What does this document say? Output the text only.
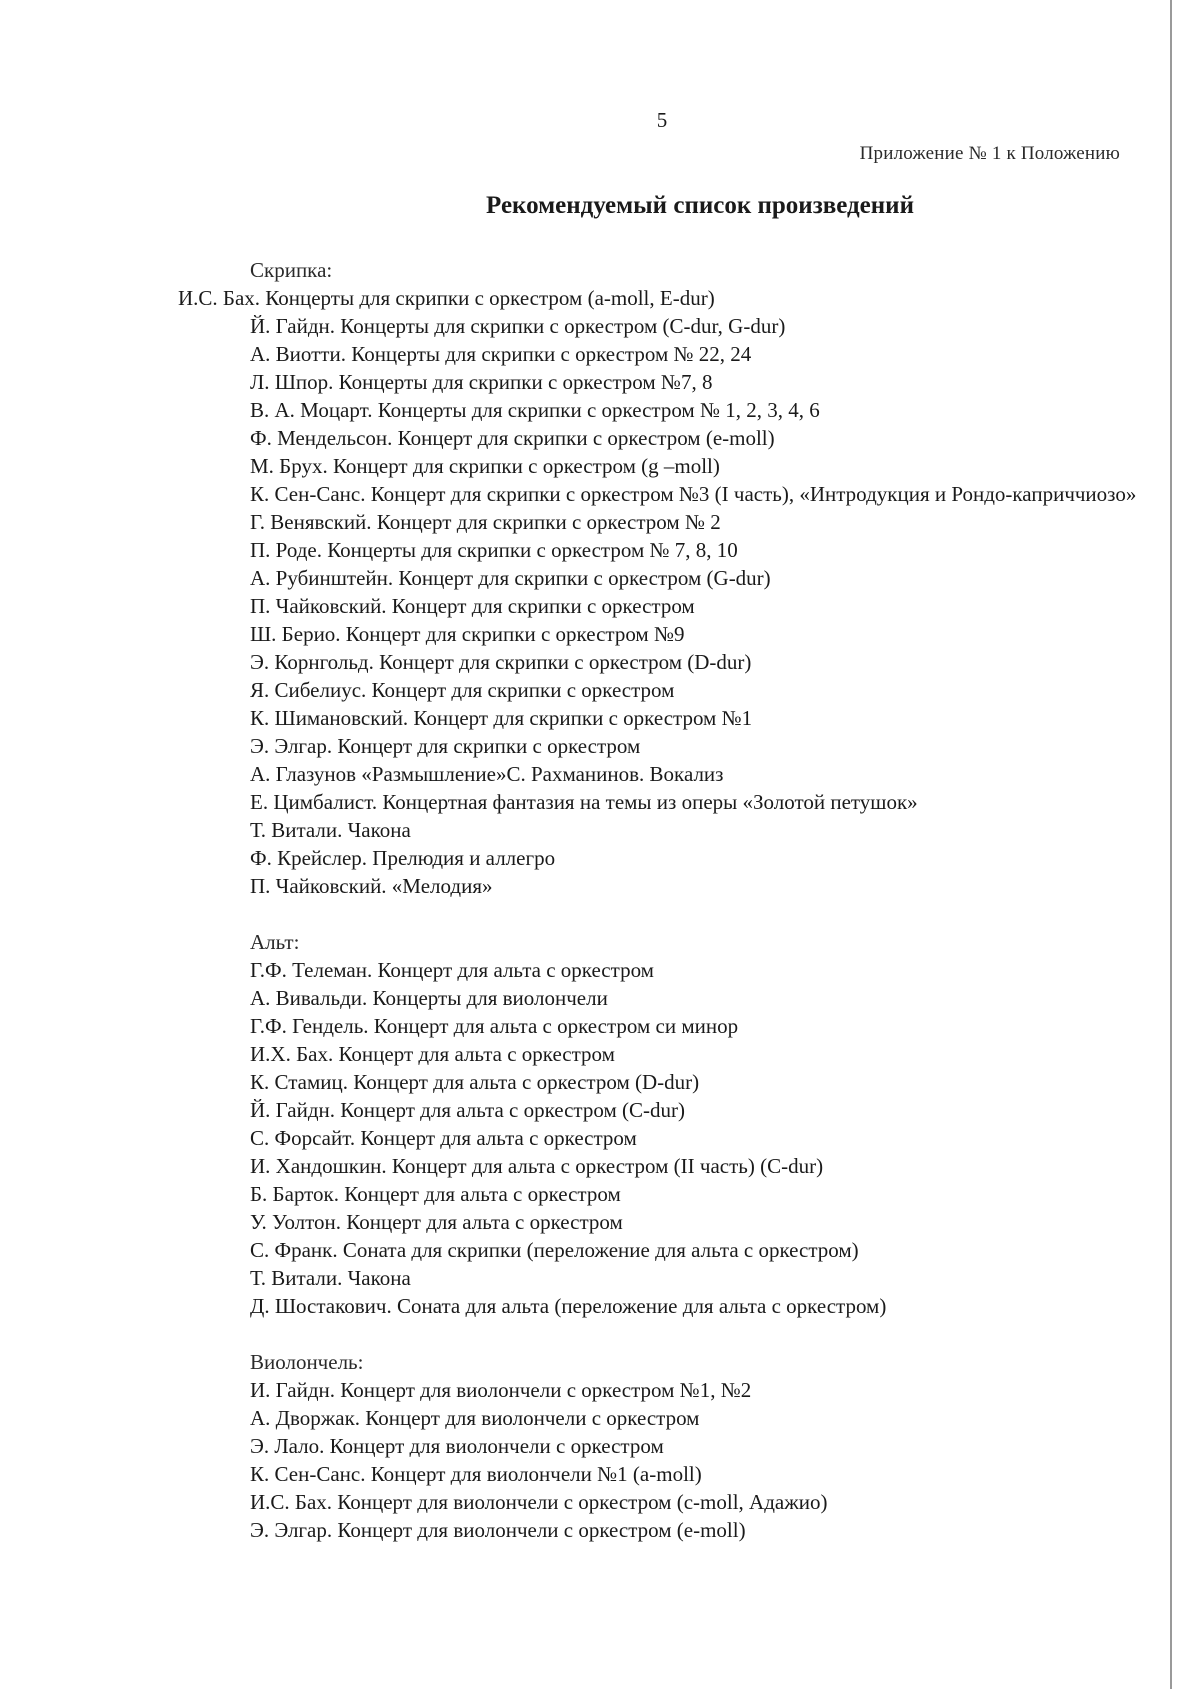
5
Приложение № 1 к Положению
Рекомендуемый список произведений
Скрипка:
И.С. Бах. Концерты для скрипки с оркестром (a-moll, E-dur)
Й. Гайдн. Концерты для скрипки с оркестром (C-dur, G-dur)
А. Виотти. Концерты для скрипки с оркестром № 22, 24
Л. Шпор. Концерты для скрипки с оркестром №7, 8
В. А. Моцарт. Концерты для скрипки с оркестром № 1, 2, 3, 4, 6
Ф. Мендельсон. Концерт для скрипки с оркестром (e-moll)
М. Брух. Концерт для скрипки с оркестром (g –moll)
К. Сен-Санс. Концерт для скрипки с оркестром №3 (I часть), «Интродукция и Рондо-каприччиозо»
Г. Венявский. Концерт для скрипки с оркестром № 2
П. Роде. Концерты для скрипки с оркестром № 7, 8, 10
А. Рубинштейн. Концерт для скрипки с оркестром (G-dur)
П. Чайковский. Концерт для скрипки с оркестром
Ш. Берио. Концерт для скрипки с оркестром №9
Э. Корнгольд. Концерт для скрипки с оркестром (D-dur)
Я. Сибелиус. Концерт для скрипки с оркестром
К. Шимановский. Концерт для скрипки с оркестром №1
Э. Элгар. Концерт для скрипки с оркестром
А. Глазунов «Размышление»С. Рахманинов. Вокализ
Е. Цимбалист. Концертная фантазия на темы из оперы «Золотой петушок»
Т. Витали. Чакона
Ф. Крейслер. Прелюдия и аллегро
П. Чайковский. «Мелодия»
Альт:
Г.Ф. Телеман. Концерт для альта с оркестром
А. Вивальди. Концерты для виолончели
Г.Ф. Гендель. Концерт для альта с оркестром си минор
И.Х. Бах. Концерт для альта с оркестром
К. Стамиц. Концерт для альта с оркестром (D-dur)
Й. Гайдн. Концерт для альта с оркестром (C-dur)
С. Форсайт. Концерт для альта с оркестром
И. Хандошкин. Концерт для альта с оркестром (II часть) (C-dur)
Б. Барток. Концерт для альта с оркестром
У. Уолтон. Концерт для альта с оркестром
С. Франк. Соната для скрипки (переложение для альта с оркестром)
Т. Витали. Чакона
Д. Шостакович. Соната для альта (переложение для альта с оркестром)
Виолончель:
И. Гайдн. Концерт для виолончели с оркестром №1, №2
А. Дворжак. Концерт для виолончели с оркестром
Э. Лало. Концерт для виолончели с оркестром
К. Сен-Санс. Концерт для виолончели №1 (a-moll)
И.С. Бах. Концерт для виолончели с оркестром (c-moll, Адажио)
Э. Элгар. Концерт для виолончели с оркестром (e-moll)
